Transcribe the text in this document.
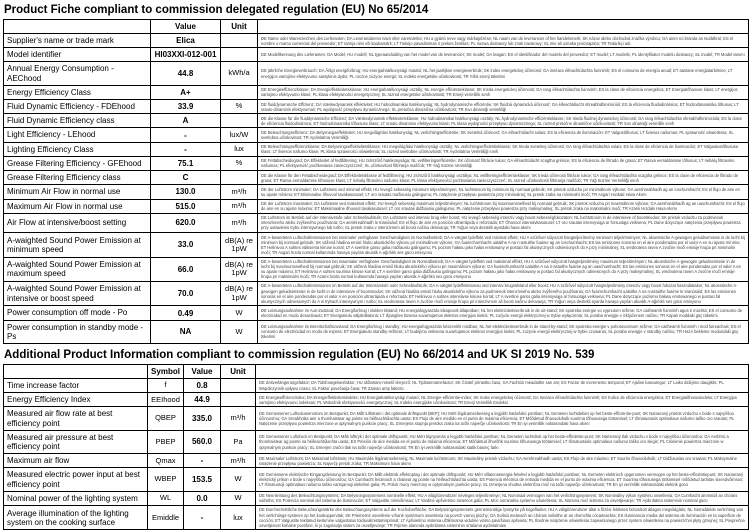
Product Fiche compliant to commission delegated regulation (EU) No 65/2014
	Value	Unit	
Supplier's name or trade mark	Elica		DE Name oder Warenzeichen des Lieferanten; DA Leverandørens navn eller varemærke; HU a gyártó neve vagy márkajelzése; NL naam van de leverancier of het handelsmerk; SK názov alebo obchodná značka výrobcu; GA ainm nó branda an tsoláthraí; ES el nombre o marca comercial del proveedor; ET tarnija nimi või kaubamärk; LT Tiekėjo pavadinimas ir prekės ženklas; PL nazwa dostawcy lub znak towarowy; SL ime ali oznaka proizvajalca; TR Tedarikçi adı
Model identifier	HI03XXI-012-001		DE Modellkennung des Lieferanten; DA Model; HU modell; NL typeaanduiding van het model van de leverancier; SK model; GA leagan; ES el identificador del modelo del proveedor; ET mudel; LT modelis; PL identyfikator modelu dostawcy; SL model; TR Model tanımı
Annual Energy Consumption - AEChood	44.8	kWh/a	DE jährliche Energieverbrauch; DA Årligt energiforbrug; HU energiahatékonysági mutató; NL het jaarlijkse energieverbruik; SK index energetickej účinnosti; GA innéacs éifeachtúlachta fuinnimh; ES el consumo de energía anual; ET aastane energiatarbimine; LT energijos vartojimo efektyvumo santykinis dydis; PL roczne zużycie energii; SL indeks energetske učinkovitosti; TR Yıllık enerji tüketimi
Energy Efficiency Class	A+		DE Energieeffizienzklasse; DA Energieffektivitetsklasse; HU energiahatékonysági osztály; NL energie efficiëntieklasse; SK trieda energetickej účinnosti; GA rang éifeachtúlachta fuinnimh; ES la clase de eficiencia energética; ET Energiatõhususe klass; LT energijos vartojimo efektyvumo klasė; PL klasa efektywności energetycznej; SL razred energetske učinkovitosti; TR Enerji verimlilik sınıfı
Fluid Dynamic Efficiency - FDEhood	33.9	%	DE fluiddynamische Effizienz; DA Væskedynamisk effektivitet; HU hidrodinamikai hatékonyság; NL hydrodynamische efficiëntie; SK fluidná dynamická účinnosť; GA éifeachtúlacht shreabhdhinimiciúil; ES la eficiencia fluidodinámica; ET hüdrodünaamika tõhusus; LT srauto dinaminis efektyvumas; PL wydajność przepływu dynamicznego; SL pretočna dinamična učinkovitost; TR Sıvı dinamiği verimliliği
Fluid Dynamic Efficiency class	A		DE die Klasse für die fluiddynamische Effizienz; DA Væskedynamisk effektivitetsklasse; HU hidrodinamikai hatékonysági osztály; NL hydrodynamische efficiëntieklasse; SK trieda fluidnej dynamickej účinnosti; GA rang éifeachtúlachta shreabhdhinimiciúla; ES la clase de eficiencia fluidodinámica; ET hüdrodünaamika tõhususe klass; LT srauto dinaminio efektyvumo klasė; PL klasa wydajności przepływu dynamicznego; SL razred pretočne dinamične učinkovitosti; TR Sıvı dinamiği verimlilik sınıfı
Light Efficiency - LEhood	-	lux/W	DE Beleuchtungseffizienz; DA Belysningseffektivitet; HU megvilágítási hatékonyság; NL verlichtingsefficiëntie; SK svetelná účinnosť; GA éifeachtúlacht solais; ES la eficiencia de iluminación; ET Valgustõhusus; LT šviesos našumas; PL sprawność oświetlenia; SL svetlobna učinkovitost; TR Aydınlatma Verimliliği
Lighting Efficiency Class	-	lux	DE Beleuchtungseffizienzklasse; DA Belysningseffektivitetsklasse; HU megvilágítási hatékonysági osztály; NL verlichtingsefficiëntieklasse; SK trieda svetelnej účinnosti; GA rang éifeachtúlachta solais; ES la clase de eficiencia de iluminación; ET Valgustustõhususe klass; LT šviesos našumo klasė; PL klasa sprawności oświetlenia; SL razred svetlobne učinkovitosti; TR Aydınlatma Verimliliği sınıfı
Grease Filtering Efficiency - GFEhood	75.1	%	DE Fettabscheidegrad; DA Effektivitet af fedtfiltrering; HU zsírszűrő hatékonysága; NL vetfilteringsefficiëntie; SK účinnosť filtrácie tukov; GA éifeachtúlacht scagtha gréisce; ES la eficiencia de filtrado de grasa; ET Rasva eemaldamise tõhusus; LT riebalų filtravimo našumas; PL efektywność pochłaniania zanieczyszczeń; SL učinkovitost filtriranja maščob; TR Yağ Süzme Verimliliği
Grease Filtering Efficiency class	C		DE die Klasse für den Fettabscheidegrad; DA Effektivitetsklasse af fedtfiltrering; HU zsírszűrő hatékonysági osztálya; NL vetfilteringsefficiëntieklasse; SK trieda účinnosti filtrácie tukov; GA rang éifeachtúlachta scagtha gréisce; ES la clase de eficiencia de filtrado de grasa; ET Rasva eemaldamise tõhususe klass; LT riebalų filtravimo našumo klasė; PL klasa efektywności pochłaniania zanieczyszczeń; SL razred učinkovitosti filtriranja maščob; TR Yağ Süzme Verimliliği sınıfı
Minimum Air Flow in normal use	130.0	m³/h	DE der Luftstrom minimaler; DA Luftstrøm ved minimal effekt; HU levegő sebesség minimum teljesítményen; NL luchtstroom bij minimum bij normaal gebruik; SK prietok vzduchu pri minimálnom výkone; GA aershreabhadh ag an íoschumhacht; ES el flujo de aire en su ajuste mínimo; ET Minimaalne õhuvool tavakasutusel; LT oro srautas mažiausiu galingumu; PL natężenie przepływu powietrza przy minimalnej; SL pretok zraka na minimalni moči; TR Asgari Hızdaki Hava Akımı
Maximum Air Flow in normal use	515.0	m³/h	DE der Luftstrom maximaler; DA Luftstrøm ved maksimal effekt; HU levegő sebesség maximum teljesítményen; NL luchtstroom bij maximumsnelheid bij normaal gebruik; SK prietok vzduchu pri maximálnom výkone; GA aershreabhadh ag an uaschumhacht; ES el flujo de aire en su ajuste máximo; ET Maksimaalne õhuvool tavakasutusel; LT oro srautas didžiausiu galingumu; PL natężenie przepływu powietrza przy maksymalnej; SL pretok zraka na maksimalni moči; TR Azami Hızdaki Hava Akımı
Air Flow at intensive/boost setting	620.0	m³/h	DE Luftstrom im Betrieb auf der Intensivstufe oder Schnellaufstufe; DA Luftstrøm ved intensiv brug eller boost; HU levegő sebesség intenzív vagy boost sebességfokozaton; NL luchtstroom in de intensieve of boostmodus; SK prietok vzduchu za podmienok intenzívneho alebo zvýšeného používania; GA aershreabhadh le trianúsáid; ES el flujo de aire en posición ultrarrápida o reforzada; ET Õhuvool intensiivkasutusel; LT oro srautas intensyviąja ar forsuotąja veiksena; PL Dane dotyczące natężenia przepływu powietrza przy ustawieniu trybu intensywnego lub turbo; SL pretok zraka v intenzivnem ali boost načinu delovanja; TR Yoğun veya destekli ayardaki hava akımı
A-waighted Sound Power Emission at minimum speed	33.0	dB(A) re 1pW	DE A-bewerteten Luftschallemissionen bei minimaler verfügbarer Geschwindigkeit im Normalbetrieb; DA A-vægtet lydeffekt ved minimal effekt; HU A szűrővel súlyozott hangteljesítmény minimum teljesítményen; NL akoestische A-gewogen geluidsemissie in de lucht bij minimum bij normaal gebruik; SK vážená hladina emisií hluku akustického výkonu pri minimálnom výkone; GA fuaimchumhacht ualaithe A na n-astuithe fuaime ag an íoschumhacht; ES las emisiones sonoras en el aire ponderadas por el valor A en su ajuste mínimo; ET Helinivoo A suhtes väiksema kiiruse korral; LT A svertinė garso galia mažiausiu galingumu; PL poziom hałasu jako hałas emitowany w postaci fal akustycznych odniesionych do A przy minimalnej; SL vrednotena raven A zvočne moči emisije hrupa pri minimalni moči; TR Asgari hızda normal kullanımda havaya yayılan akustik A-ağırlıklı ses gücü emisyonu
A-waighted Sound Power Emission at maximum speed	66.0	dB(A) re 1pW	DE A-bewerteten Luftschallemissionen bei maximaler verfügbarer Geschwindigkeit im Normalbetrieb; DA A-vægtet lydeffekt ved maksimal effekt; HU A szűrővel súlyozott hangteljesítmény maximum teljesítményen; NL akoestische A-gewogen geluidsemissie in de lucht bij maximumsnelheid bij normaal gebruik; SK vážená hladina emisií hluku akustického výkonu pri maximálnom výkone; GA fuaimchumhacht ualaithe A na n-astuithe fuaime ag an uaschumhacht; ES las emisiones sonoras en el aire ponderadas por el valor A en su ajuste máximo; ET Helinivoo A suhtes suurima kiiruse korral; LT A svertinė garso galia didžiausiu galingumu; PL poziom hałasu jako hałas emitowany w postaci fal akustycznych odniesionych do A przy maksymalnej; SL vrednotena raven A zvočne moči emisije hrupa pri maksimalni moči; TR Azami hızda normal kullanımda havaya yayılan akustik A-ağırlıklı ses gücü emisyonu
A-waighted Sound Power Emission at intensive or boost speed	70.0	dB(A) re 1pW	DE A-bewerteten Luftschallemissionen im Betrieb auf der Intensivstufe oder Schnellaufstufe; DA A-vægtet lydeffektniveau ved intensiv brugstilstand eller boost; HU A szűrővel súlyozott hangteljesítmény intenzív vagy boost fokozat használatakor; NL akoestische A-gewogen geluidsemissie in de lucht in de intensieve of boostmodus; SK vážená hladina emisií hluku akustického výkonu za podmienok intenzívneho alebo zvýšeného používania; GA fuaimchumhacht ualaithe A na n-astuithe fuaime le trianúsáid; ES las emisiones sonoras en el aire ponderadas por el valor A en posición ultrarrápida o reforzada; ET Helinivoo A suhtes intensiivse kiiruse korral; LT A svertinė garso galia intensyviąja ar forsuotąja veiksena; PL Dane dotyczące poziomu hałasu emitowanego w postaci fal akustycznych odniesionych do A w trybach intensywnym i turbo; SL vrednotena raven A zvočne moči emisije hrupa pri intenzivnem ali boost načinu delovanja; TR Yoğun veya destekli ayarda havaya yayılan akustik A-ağırlıklı ses gücü emisyonu
Power consumption off mode - Po	0.49	W	DE Leistungsaufnahme im Aus-Zustand; DA Energiforbrug i slukket tilstand; HU energiafogyasztás kikapcsolt állapotban; NL het elektriciteitsverbruik in de uit-stand; SK spotreba energie vo vypnutom režime; GA caitheamh fuinnimh agus é múchta; ES el consumo de electricidad en modo desactivado; ET Energiakulu väljalülitatuna; LT išjungties būsena suvartojamos elektros energijos kiekis; PL zużycie energii elektrycznej w trybie wyłączenia; SL poraba energije v izključenem načinu; TR Kapalı moddaki güç tüketimi
Power consumption in standby mode - Ps	NA	W	DE Leistungsaufnahme im Bereitschaftszustand; DA Energiforbrug i standby; HU energiafogyasztás készenléti módban; NL het elektriciteitsverbruik in de stand-by-stand; SK spotreba energie v pohotovostnom režime; GA caitheamh fuinnimh i mod fuireachais; ES el consumo de electricidad en modo de espera; ET Energiakulu standby-režiimis; LT budėjimo veiksena suvartojamos elektros energijos kiekis; PL zużycie energii elektrycznej w trybie czuwania; SL poraba energije v standby načinu; TR Hazır bekleme modundaki güç tüketimi
Additional Product Information compliant to commission regulation (EU) No 66/2014 and UK SI 2019 No. 539
	Symbol	Value	Unit	
Time increase factor	f	0.8		DE Zeitverlängerungsfaktor; DA Tidsforøgelsesfaktor; HU időtartam-növelő tényező; NL Tijdstoenamefactor; SK Činiteľ prírastku času; GA Fachtóir méadaithe san am; ES Factor de incremento temporal; ET Ajaline kasvutegur; LT Laiko didėjimo daugiklis; PL Współczynnik upływu czasu; SL Faktor povečanja časa; TR Zaman artış faktörü
Energy Efficiency Index	EEIhood	44.9		DE Energieeffizienzindex; DA Energieffektivitetsindeks; HU Energiahatékonysági mutató; NL Energie-efficiëntie-index; SK Index energetickej účinnosti; GA Innéacs éifeachtúlachta fuinnimh; ES Índice de eficiencia energética; ET Energiatõhususindeks; LT Energijos vartojimo efektyvumo indeksas; PL Wskaźnik efektywności energetycznej; SL Indeks energijske učinkovitosti; TR Enerji Verimlilik Endeksi
Measured air flow rate at best efficiency point	QBEP	335.0	m³/h	DE Gemessener Luftvolumenstrom im Bestpunkt; DA Målt luftstrøm i det optimale driftspunkt (BEP); HU Mért légáramsebesség a legjobb hatásfokú pontban; NL Gemeten luchtdebiet op het beste-efficiëntie-punt; SK Nameraný prietok vzduchu v bode s najvyššou účinnosťou; GA Sreabhráta aeir a thomhaistear ag pointe na héifeachtúlachta uasta; ES Flujo de aire medido en el punto de máxima eficiencia; ET Mõõdetud õhuvooluhulk suurima tõhususega töötamisel; LT Išmatuotasis optimalaus našumo taško oro srautas; PL Natężenie przepływu powietrza mierzone w optymalnym punkcie pracy; SL Izmerjena stopnja pretoka zraka na točki največje učinkovitosti; TR En iyi verimlilik noktasındaki hava akımı
Measured air pressure at best efficiency point	PBEP	560.0	Pa	DE Gemessener Luftdruck im Bestpunkt; DA Målt lufttryk i det optimale driftspunkt; HU Mért légnyomás a legjobb hatásfokú pontban; NL Gemeten luchtdruk op het beste-efficiëntie-punt; SK Nameraný tlak vzduchu v bode s najvyššou účinnosťou; GA Aerbhrú a thomhaistear ag pointe na héifeachtúlachta uasta; ES Presión de aire medida en el punto de máxima eficiencia; ET Mõõdetud õhurõhk suurima tõhususega töötamisel; LT Išmatuotasis optimalaus našumo taško oro slėgis; PL Ciśnienie powietrza mierzone w optymalnym punkcie pracy; SL Izmerjen zračni tlak na točki največje učinkovitosti; TR En iyi verimlilik noktasındaki statik basınç farkı
Maximum air flow	Qmax	-	m³/h	DE Maximaler Luftstrom; DA Maksimal luftstrøm; HU Maximális légáramsebesség; NL Maximale luchtstroom; SK Maximálny prietok vzduchu; GA Aershreabhadh uasta; ES Flujo de aire máximo; ET Suurim õhuvooluhulk; LT Didžiausias oro srautas; PL Maksymalne natężenie przepływu powietrza; SL Največji pretok zraka; TR Maksimum hava akımı
Measured electric power input at best efficiency point	WBEP	153.5	W	DE Gemessene elektrische Eingangsleistung im Bestpunkt; DA Målt elektrisk effektoptag i det optimale driftspunkt; HU Mért villamosenergia-felvétel a legjobb hatásfokú pontban; NL Gemeten elektrisch opgenomen vermogen op het beste-efficiëntiepunt; SK Nameraný elektrický príkon v bode s najvyššou účinnosťou; GA Cumhacht leictreach a chaitear ag pointe na héifeachtúlachta uasta; ES Potencia eléctrica de entrada medida en el punto de máxima eficiencia; ET Suurima tõhususega töötamisel mõõdetud tarbitav sisendvõimsus; LT Išmatuotoji optimalaus našumo taško vartojamoji elektrinė galia; PL Pobór mocy mierzony w optymalnym punkcie pracy; SL Izmerjena vhodna električna moč na točki največje učinkovitosti; TR En iyi verimlilik noktasındaki elektrik gücü
Nominal power of the lighting system	WL	0.0	W	DE Nennleistung des Beleuchtungssystems; DA Belysningssystemets nominelle effekt; HU A világítórendszer névleges teljesítménye; NL Nominaal vermogen van het verlichtingssysteem; SK Nominálny výkon systému osvetlenia; GA Cumhacht ainmniúil an chórais soilsithe; ES Potencia nominal del sistema de iluminación; ET Valgustite nimivõimsus; LT Vardinė apšvietimo sistemos galia; PL Moc nominalna systemu oświetlenia; SL Nazivna moč sistema za osvetljevanje; TR Aydınlatma sisteminin nominal gücü
Average illumination of the lighting system on the cooking surface	Emiddle	-	lux	DE Durchschnittliche Beleuchtungsstärke des Beleuchtungssystems auf der Kochoberfläche; DA Belysningssystemets gennemsnitlige lysstyrke på kogefladen; HU A világítórendszer által a főzési felületen biztosított átlagos megvilágítás; NL Gemiddelde verlichting van het verlichtings-systeem op het kookoppervlak; SK Priemerné osvetlenie vrhané systémom osvetlenia na povrch varnej plochy; GA Soilsiú meánach an chórais soilsithe ar an dromchla cócaireachta; ES Iluminancia media del sistema de iluminación en la superficie de cocción; ET Valgustite tekitatud keskmine valgustatus toiduvalmistamispinnal; LT Apšvietimo sistema užtikrinama vidutinė virimo paviršiaus apšvieta; PL Średnie natężenie oświetlenia zapewnianego przez system oświetlenia na powierzchni płyty grzejnej; SL Povprečna osvetljenost kuhalne površine, ki jo zagotavlja sistem za osvetljevanje; TR Pişirme alanında aydınlatma sisteminin ortalama aydınlatması
